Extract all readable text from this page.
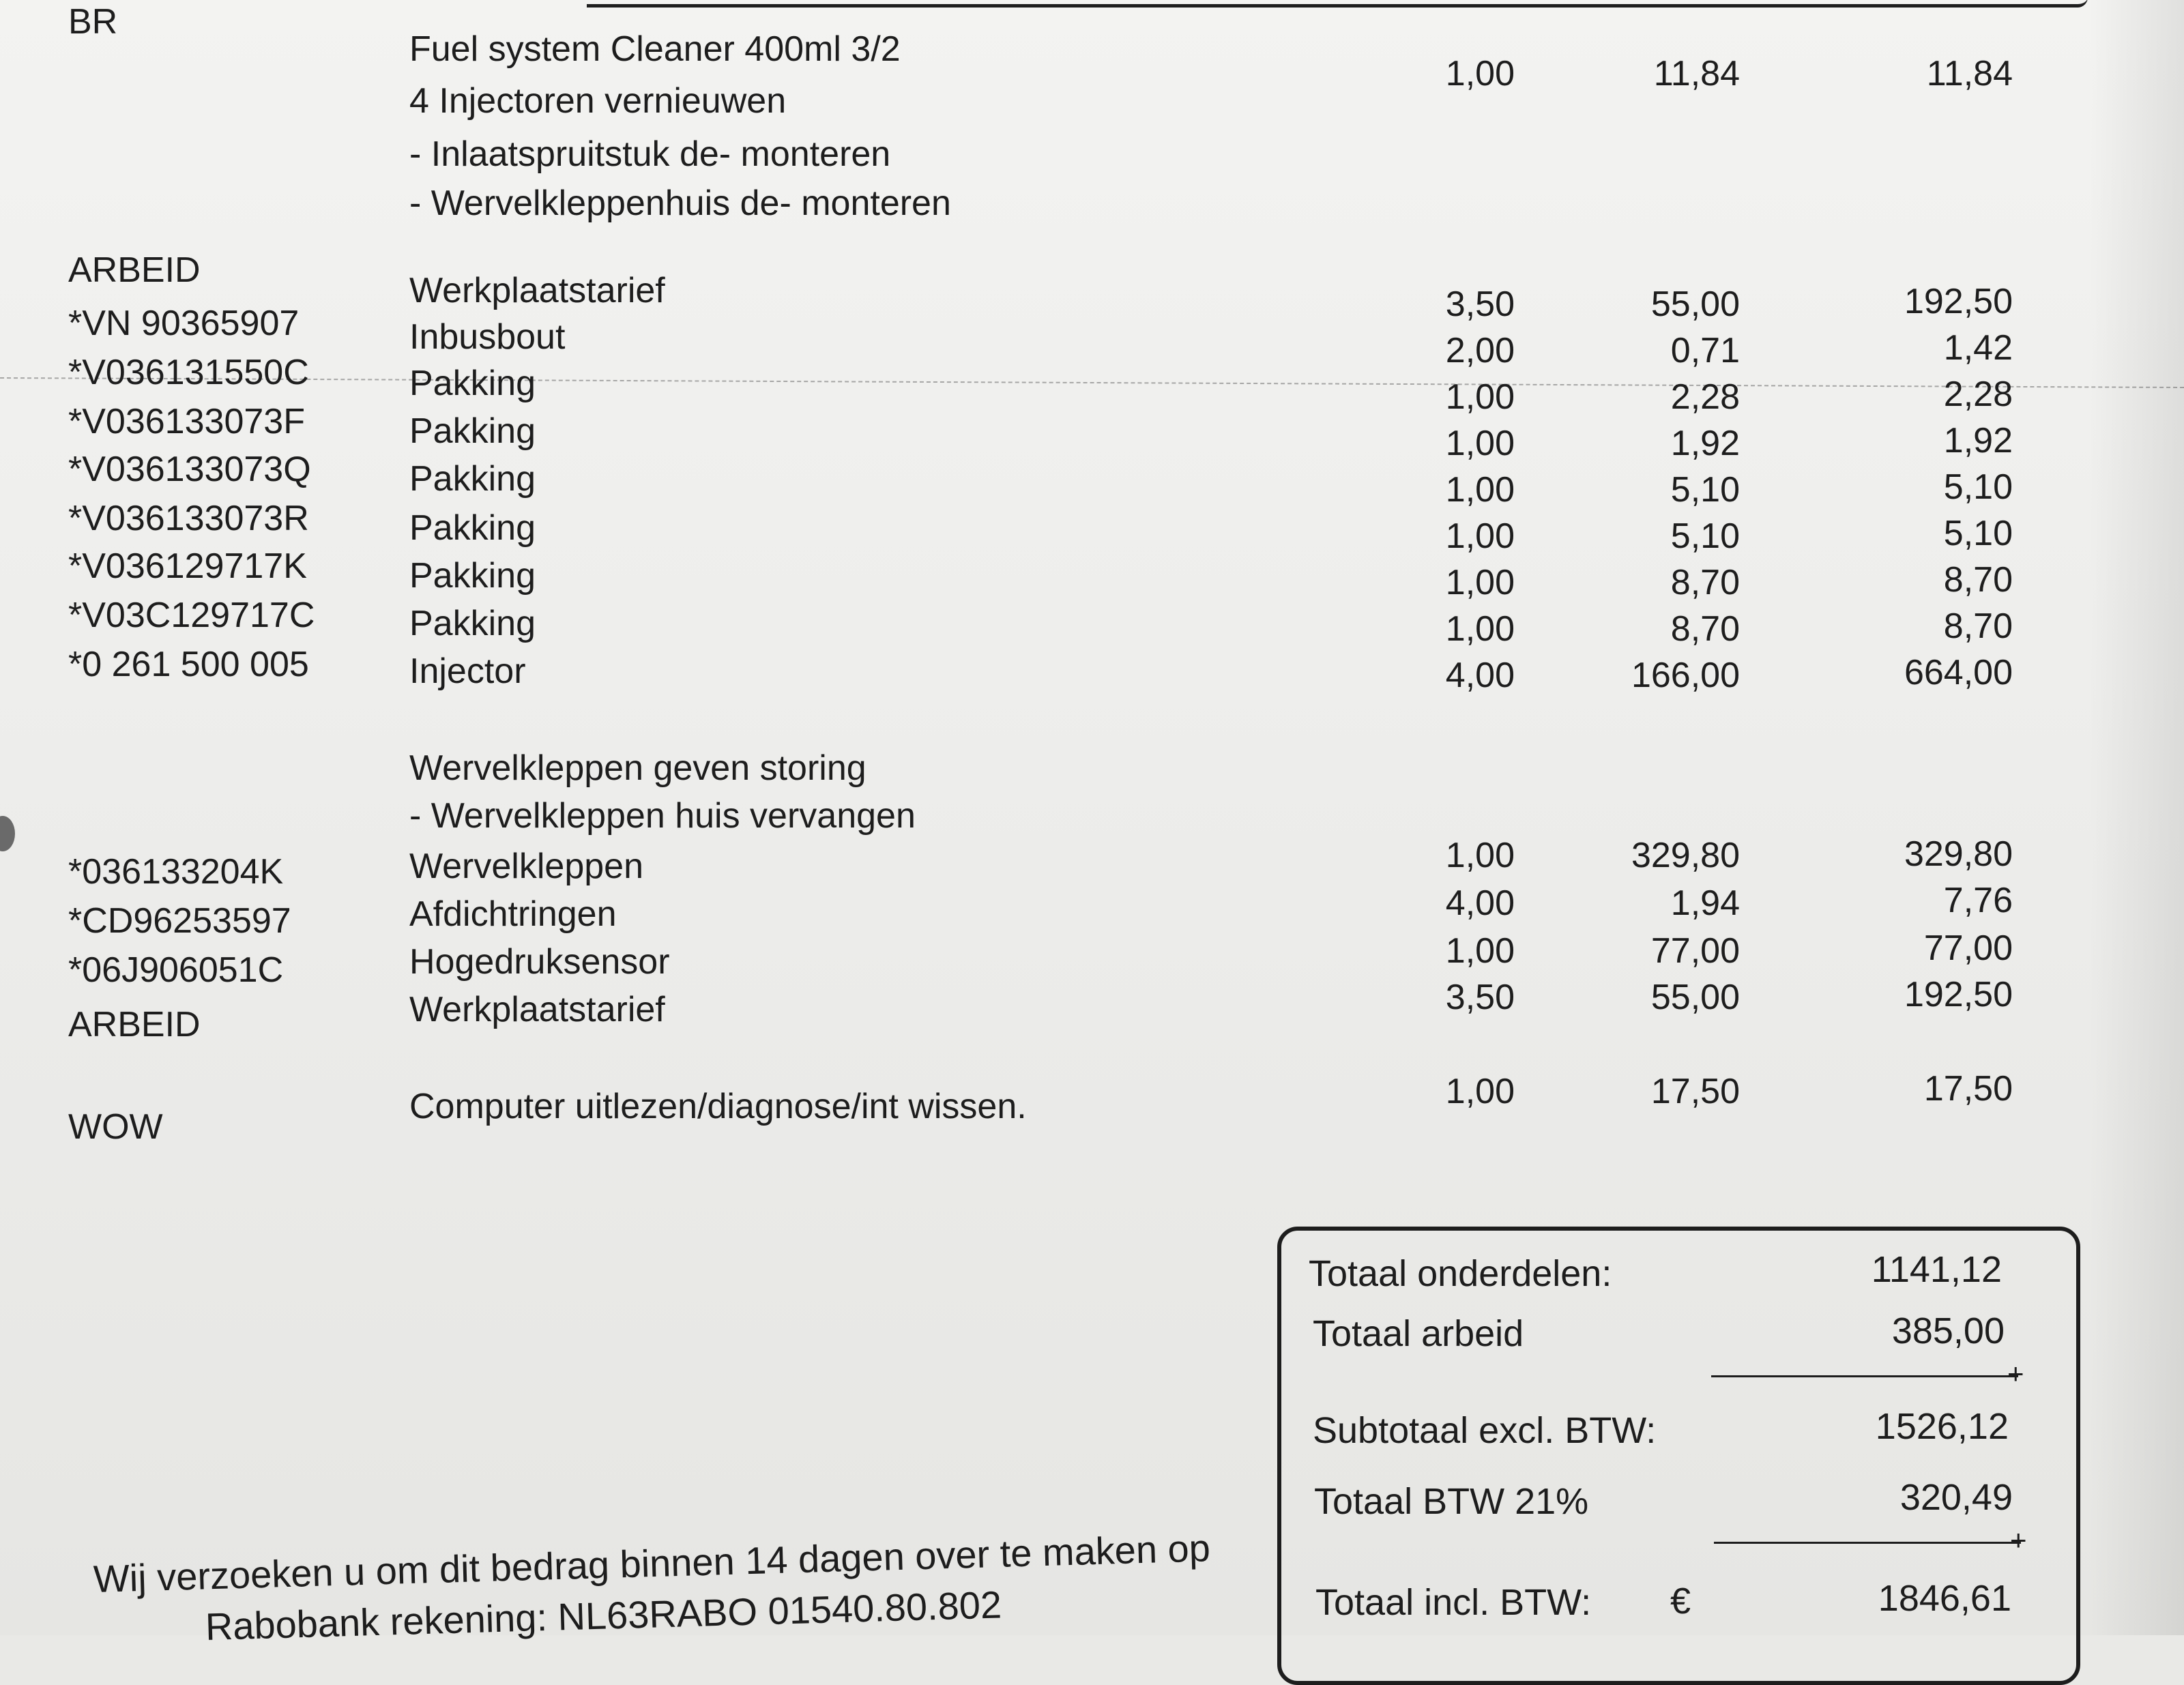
BR
Fuel system Cleaner 400ml 3/2
1,00	11,84	11,84
4 Injectoren vernieuwen
- Inlaatspruitstuk de- monteren
- Wervelkleppenhuis de- monteren
ARBEID
Werkplaatstarief	3,50	55,00	192,50
*VN 90365907	Inbusbout	2,00	0,71	1,42
*V036131550C	Pakking	1,00	2,28	2,28
*V036133073F	Pakking	1,00	1,92	1,92
*V036133073Q	Pakking	1,00	5,10	5,10
*V036133073R	Pakking	1,00	5,10	5,10
*V036129717K	Pakking	1,00	8,70	8,70
*V03C129717C	Pakking	1,00	8,70	8,70
*0 261 500 005	Injector	4,00	166,00	664,00
Wervelkleppen geven storing
- Wervelkleppen huis vervangen
*036133204K	Wervelkleppen	1,00	329,80	329,80
*CD96253597	Afdichtringen	4,00	1,94	7,76
*06J906051C	Hogedruksensor	1,00	77,00	77,00
ARBEID	Werkplaatstarief	3,50	55,00	192,50
WOW
Computer uitlezen/diagnose/int wissen.	1,00	17,50	17,50
Totaal onderdelen:	1141,12
Totaal arbeid	385,00
+
Subtotaal excl. BTW:	1526,12
Totaal BTW 21%	320,49
+
Totaal incl. BTW: €	1846,61
Wij verzoeken u om dit bedrag binnen 14 dagen over te maken op
Rabobank rekening: NL63RABO 01540.80.802
